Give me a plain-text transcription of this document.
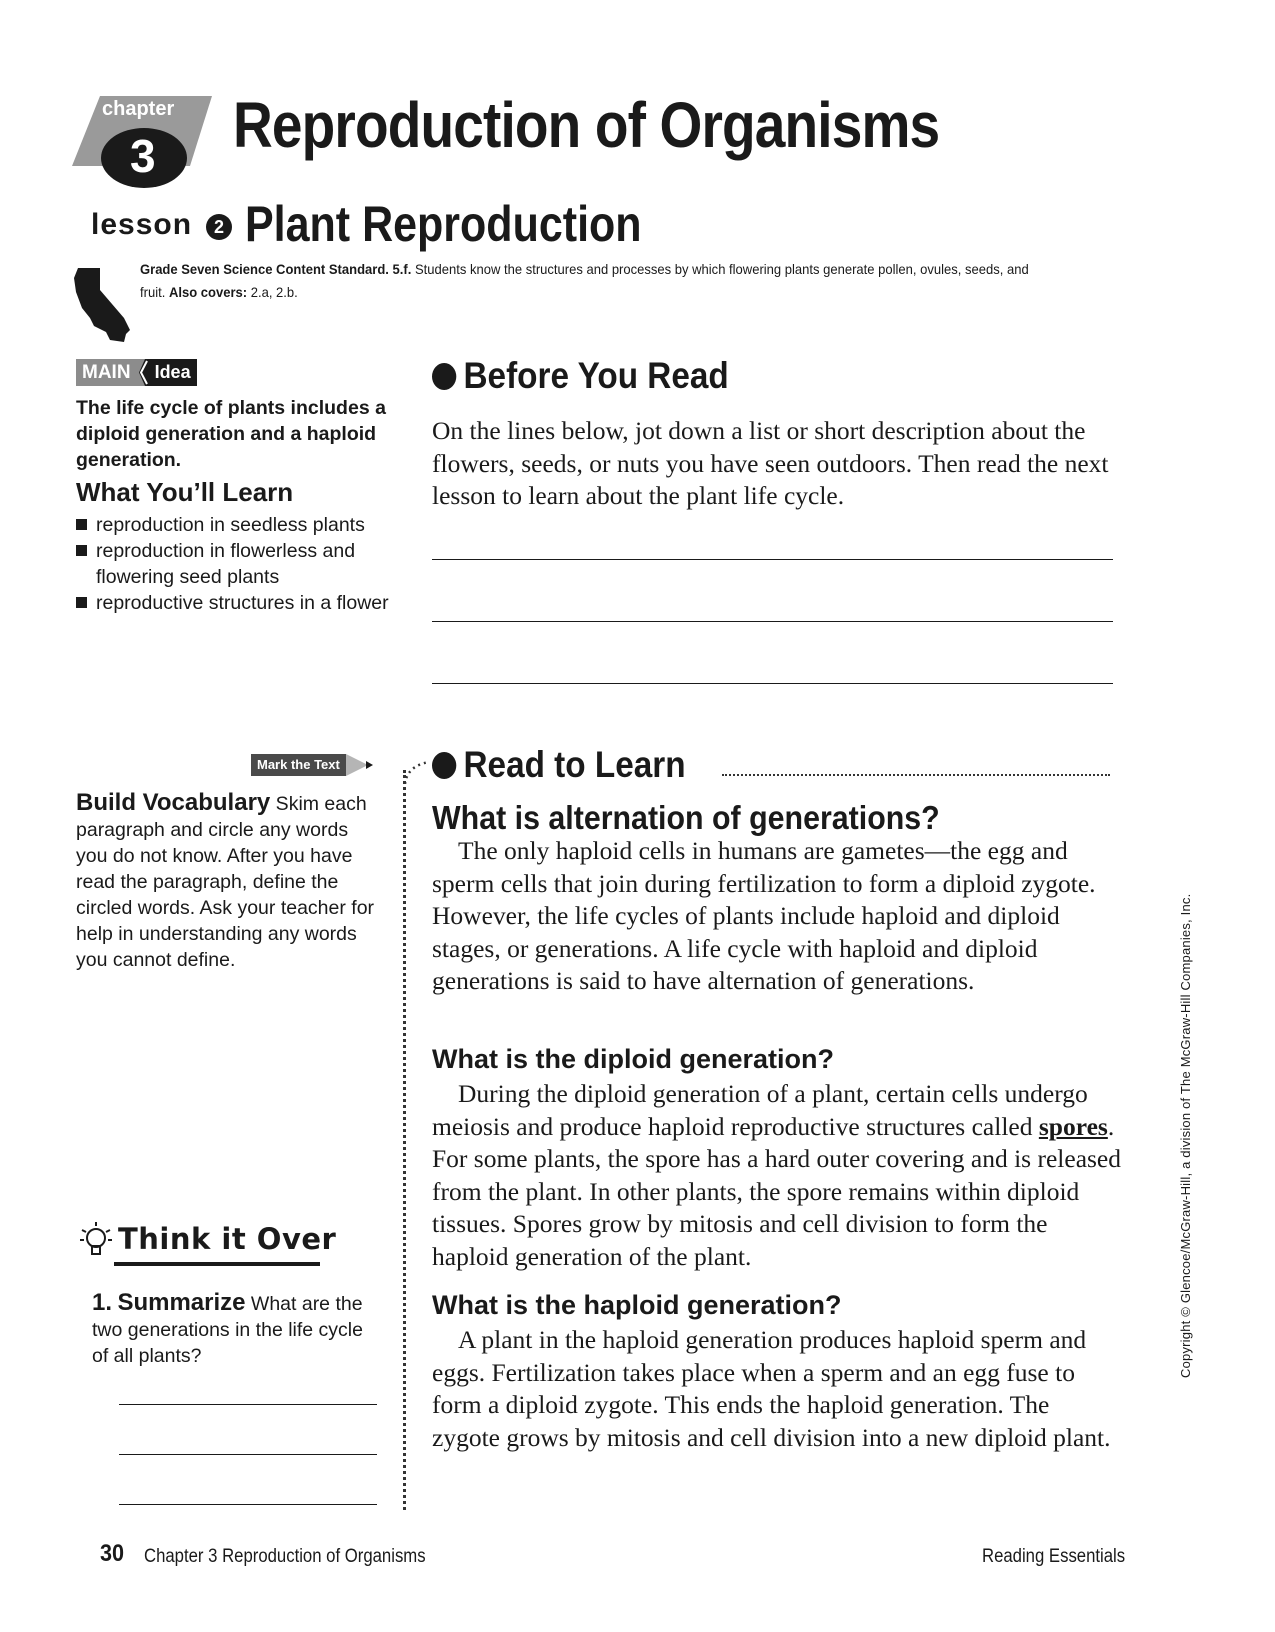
chapter
3 Reproduction of Organisms
lesson	2 Plant Reproduction
Grade Seven Science Content Standard. 5.f. Students know the structures and processes by which flowering plants generate pollen, ovules, seeds, and fruit. Also covers: 2.a, 2.b.
MAIN	Idea
The life cycle of plants includes a diploid generation and a haploid generation.
What You’ll Learn
reproduction in seedless plants
reproduction in flowerless and flowering seed plants
reproductive structures in a flower
Before You Read
On the lines below, jot down a list or short description about the flowers, seeds, or nuts you have seen outdoors. Then read the next lesson to learn about the plant life cycle.
Mark the Text
Build Vocabulary Skim each paragraph and circle any words you do not know. After you have read the paragraph, define the circled words. Ask your teacher for help in understanding any words you cannot define.
Read to Learn
What is alternation of generations?
The only haploid cells in humans are gametes—the egg and sperm cells that join during fertilization to form a diploid zygote. However, the life cycles of plants include haploid and diploid stages, or generations. A life cycle with haploid and diploid generations is said to have alternation of generations.
What is the diploid generation?
During the diploid generation of a plant, certain cells undergo meiosis and produce haploid reproductive structures called spores. For some plants, the spore has a hard outer covering and is released from the plant. In other plants, the spore remains within diploid tissues. Spores grow by mitosis and cell division to form the haploid generation of the plant.
What is the haploid generation?
A plant in the haploid generation produces haploid sperm and eggs. Fertilization takes place when a sperm and an egg fuse to form a diploid zygote. This ends the haploid generation. The zygote grows by mitosis and cell division into a new diploid plant.
Think it Over
1. Summarize What are the two generations in the life cycle of all plants?
30 Chapter 3 Reproduction of Organisms	Reading Essentials
Copyright © Glencoe/McGraw-Hill, a division of The McGraw-Hill Companies, Inc.
